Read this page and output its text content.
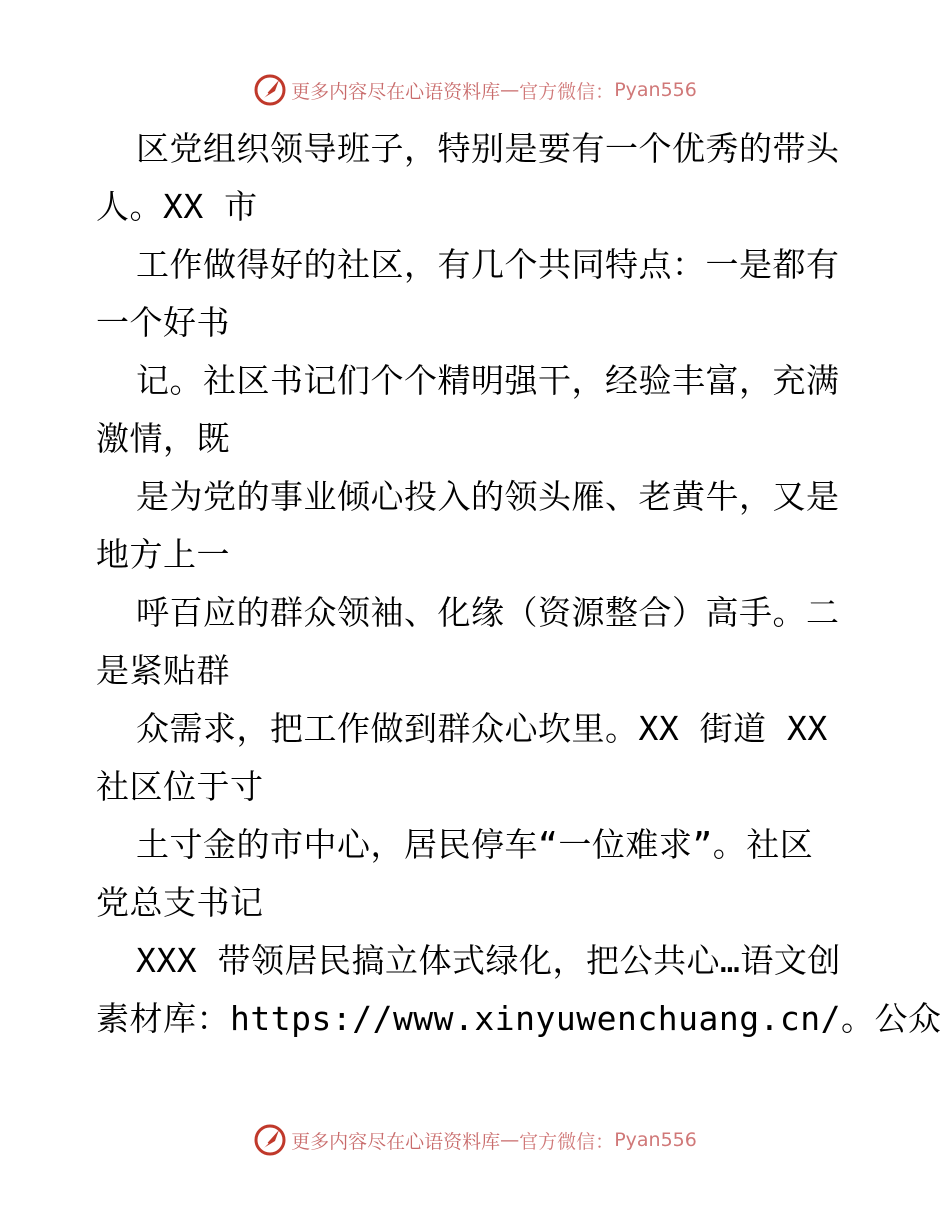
更多内容尽在心语资料库 — 官方微信： Pyan556
区党组织领导班子，特别是要有一个优秀的带头
人。XX 市
工作做得好的社区，有几个共同特点：一是都有
一个好书
记。社区书记们个个精明强干，经验丰富，充满
激情，既
是为党的事业倾心投入的领头雁、老黄牛，又是
地方上一
呼百应的群众领袖、化缘（资源整合）高手。二
是紧贴群
众需求，把工作做到群众心坎里。XX 街道 XX
社区位于寸
土寸金的市中心，居民停车“一位难求”。社区
党总支书记
XXX 带领居民搞立体式绿化，把公共心…语文创
素材库：https://www.xinyuwenchuang.cn/。公众
更多内容尽在心语资料库 — 官方微信： Pyan556
